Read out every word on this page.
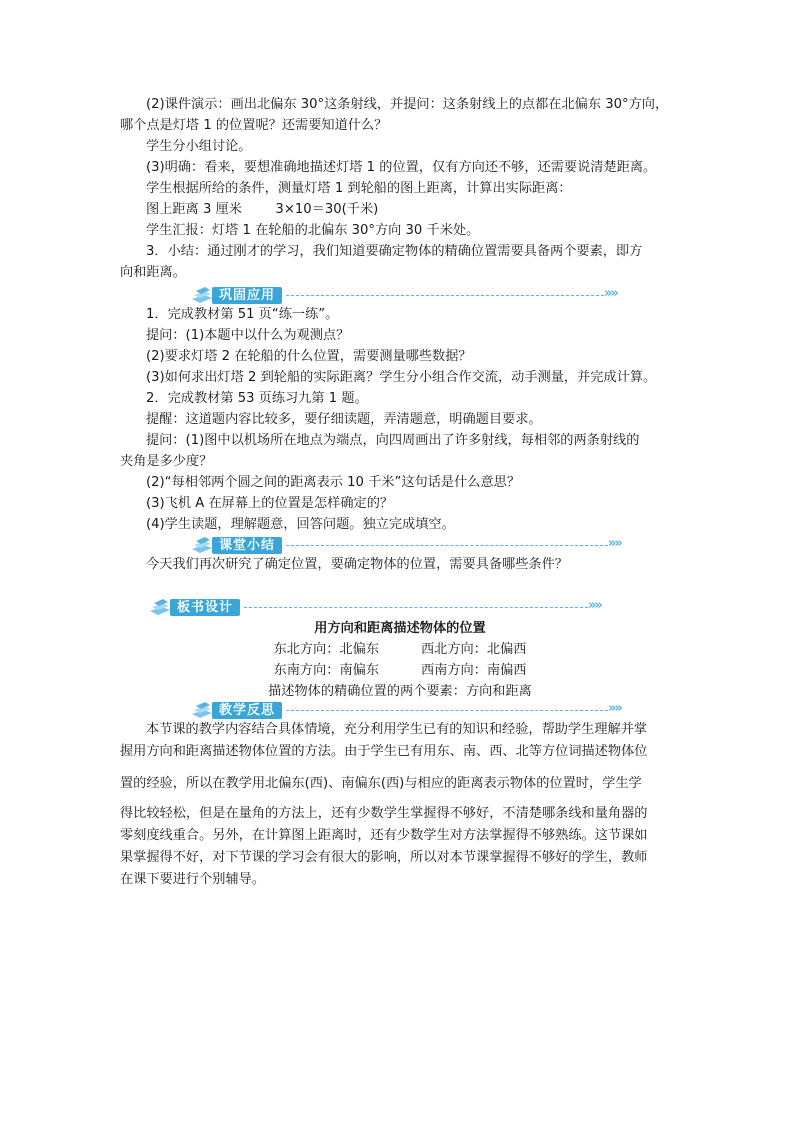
(2)课件演示：画出北偏东 30°这条射线，并提问：这条射线上的点都在北偏东 30°方向，
哪个点是灯塔 1 的位置呢？还需要知道什么？
学生分小组讨论。
(3)明确：看来，要想准确地描述灯塔 1 的位置，仅有方向还不够，还需要说清楚距离。
学生根据所给的条件，测量灯塔 1 到轮船的图上距离，计算出实际距离：
图上距离 3 厘米        3×10＝30(千米)
学生汇报：灯塔 1 在轮船的北偏东 30°方向 30 千米处。
3．小结：通过刚才的学习，我们知道要确定物体的精确位置需要具备两个要素，即方
向和距离。
巩固应用	»»
1．完成教材第 51 页“练一练”。
提问：(1)本题中以什么为观测点？
(2)要求灯塔 2 在轮船的什么位置，需要测量哪些数据？
(3)如何求出灯塔 2 到轮船的实际距离？学生分小组合作交流，动手测量，并完成计算。
2．完成教材第 53 页练习九第 1 题。
提醒：这道题内容比较多，要仔细读题，弄清题意，明确题目要求。
提问：(1)图中以机场所在地点为端点，向四周画出了许多射线，每相邻的两条射线的
夹角是多少度？
(2)“每相邻两个圆之间的距离表示 10 千米”这句话是什么意思？
(3)飞机 A 在屏幕上的位置是怎样确定的？
(4)学生读题，理解题意，回答问题。独立完成填空。
课堂小结	»»
今天我们再次研究了确定位置，要确定物体的位置，需要具备哪些条件？
板书设计	»»
用方向和距离描述物体的位置
东北方向：北偏东          西北方向：北偏西
东南方向：南偏东          西南方向：南偏西
描述物体的精确位置的两个要素：方向和距离
教学反思	»»
本节课的教学内容结合具体情境，充分利用学生已有的知识和经验，帮助学生理解并掌
握用方向和距离描述物体位置的方法。由于学生已有用东、南、西、北等方位词描述物体位
置的经验，所以在教学用北偏东(西)、南偏东(西)与相应的距离表示物体的位置时，学生学
得比较轻松，但是在量角的方法上，还有少数学生掌握得不够好，不清楚哪条线和量角器的
零刻度线重合。另外，在计算图上距离时，还有少数学生对方法掌握得不够熟练。这节课如
果掌握得不好，对下节课的学习会有很大的影响，所以对本节课掌握得不够好的学生，教师
在课下要进行个别辅导。
